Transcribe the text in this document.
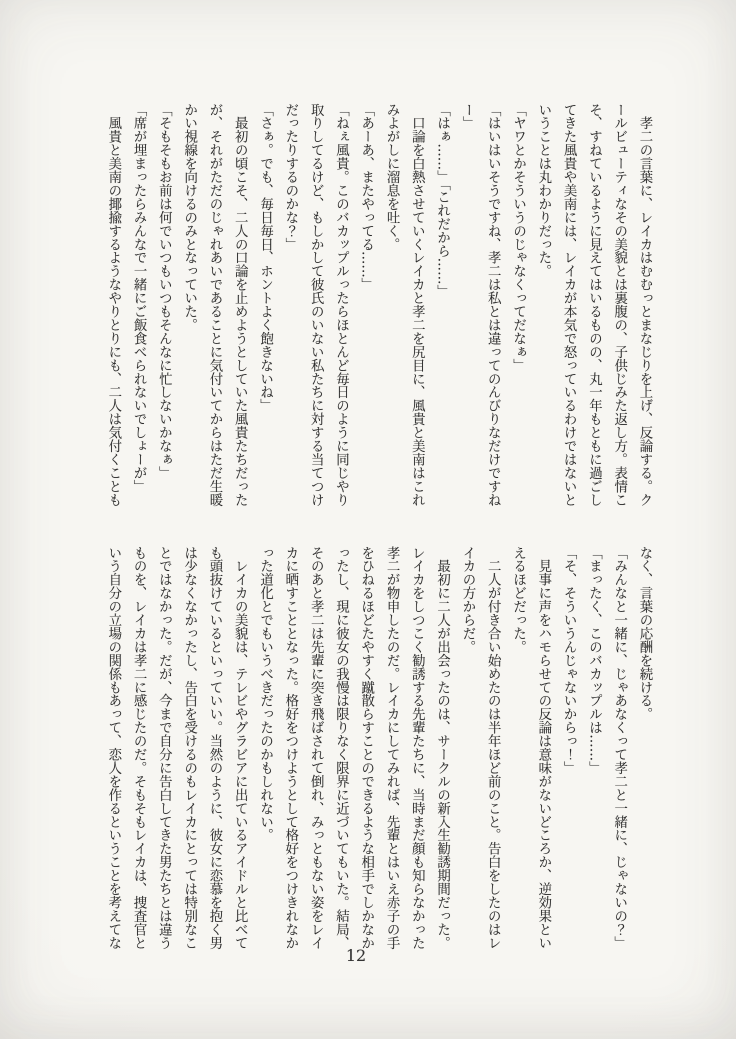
　孝二の言葉に、レイカはむむっとまなじりを上げ、反論する。ク
ールビューティなその美貌とは裏腹の、子供じみた返し方。表情こ
そ、すねているように見えてはいるものの、丸一年もともに過ごし
てきた風貴や美南には、レイカが本気で怒っているわけではないと
いうことは丸わかりだった。
「ヤワとかそういうのじゃなくってだなぁ」
「はいはいそうですね、孝二は私とは違ってのんびりなだけですね
ー」
「はぁ……」「これだから……」
　口論を白熱させていくレイカと孝二を尻目に、風貴と美南はこれ
みよがしに溜息を吐く。
「あーあ、またやってる……」
「ねぇ風貴。このバカップルったらほとんど毎日のように同じやり
取りしてるけど、もしかして彼氏のいない私たちに対する当てつけ
だったりするのかな？」
「さぁ。でも、毎日毎日、ホントよく飽きないね」
　最初の頃こそ、二人の口論を止めようとしていた風貴たちだった
が、それがただのじゃれあいであることに気付いてからはただ生暖
かい視線を向けるのみとなっていた。
「そもそもお前は何でいつもいつもそんなに忙しないかなぁ」
「席が埋まったらみんなで一緒にご飯食べられないでしょーが」
　風貴と美南の揶揄するようなやりとりにも、二人は気付くことも
なく、言葉の応酬を続ける。
「みんなと一緒に、じゃあなくって孝二と一緒に、じゃないの？」
「まったく、このバカップルは……」
「そ、そういうんじゃないからっ！」
　見事に声をハモらせての反論は意味がないどころか、逆効果とい
えるほどだった。
　二人が付き合い始めたのは半年ほど前のこと。告白をしたのはレ
イカの方からだ。
　最初に二人が出会ったのは、サークルの新入生勧誘期間だった。
レイカをしつこく勧誘する先輩たちに、当時まだ顔も知らなかった
孝二が物申したのだ。レイカにしてみれば、先輩とはいえ赤子の手
をひねるほどたやすく蹴散らすことのできるような相手でしかなか
ったし、現に彼女の我慢は限りなく限界に近づいてもいた。結局、
そのあと孝二は先輩に突き飛ばされて倒れ、みっともない姿をレイ
カに晒すこととなった。格好をつけようとして格好をつけきれなか
った道化とでもいうべきだったのかもしれない。
　レイカの美貌は、テレビやグラビアに出ているアイドルと比べて
も頭抜けているといっていい。当然のように、彼女に恋慕を抱く男
は少なくなかったし、告白を受けるのもレイカにとっては特別なこ
とではなかった。だが、今まで自分に告白してきた男たちとは違う
ものを、レイカは孝二に感じたのだ。そもそもレイカは、捜査官と
いう自分の立場の関係もあって、恋人を作るということを考えてな
12
